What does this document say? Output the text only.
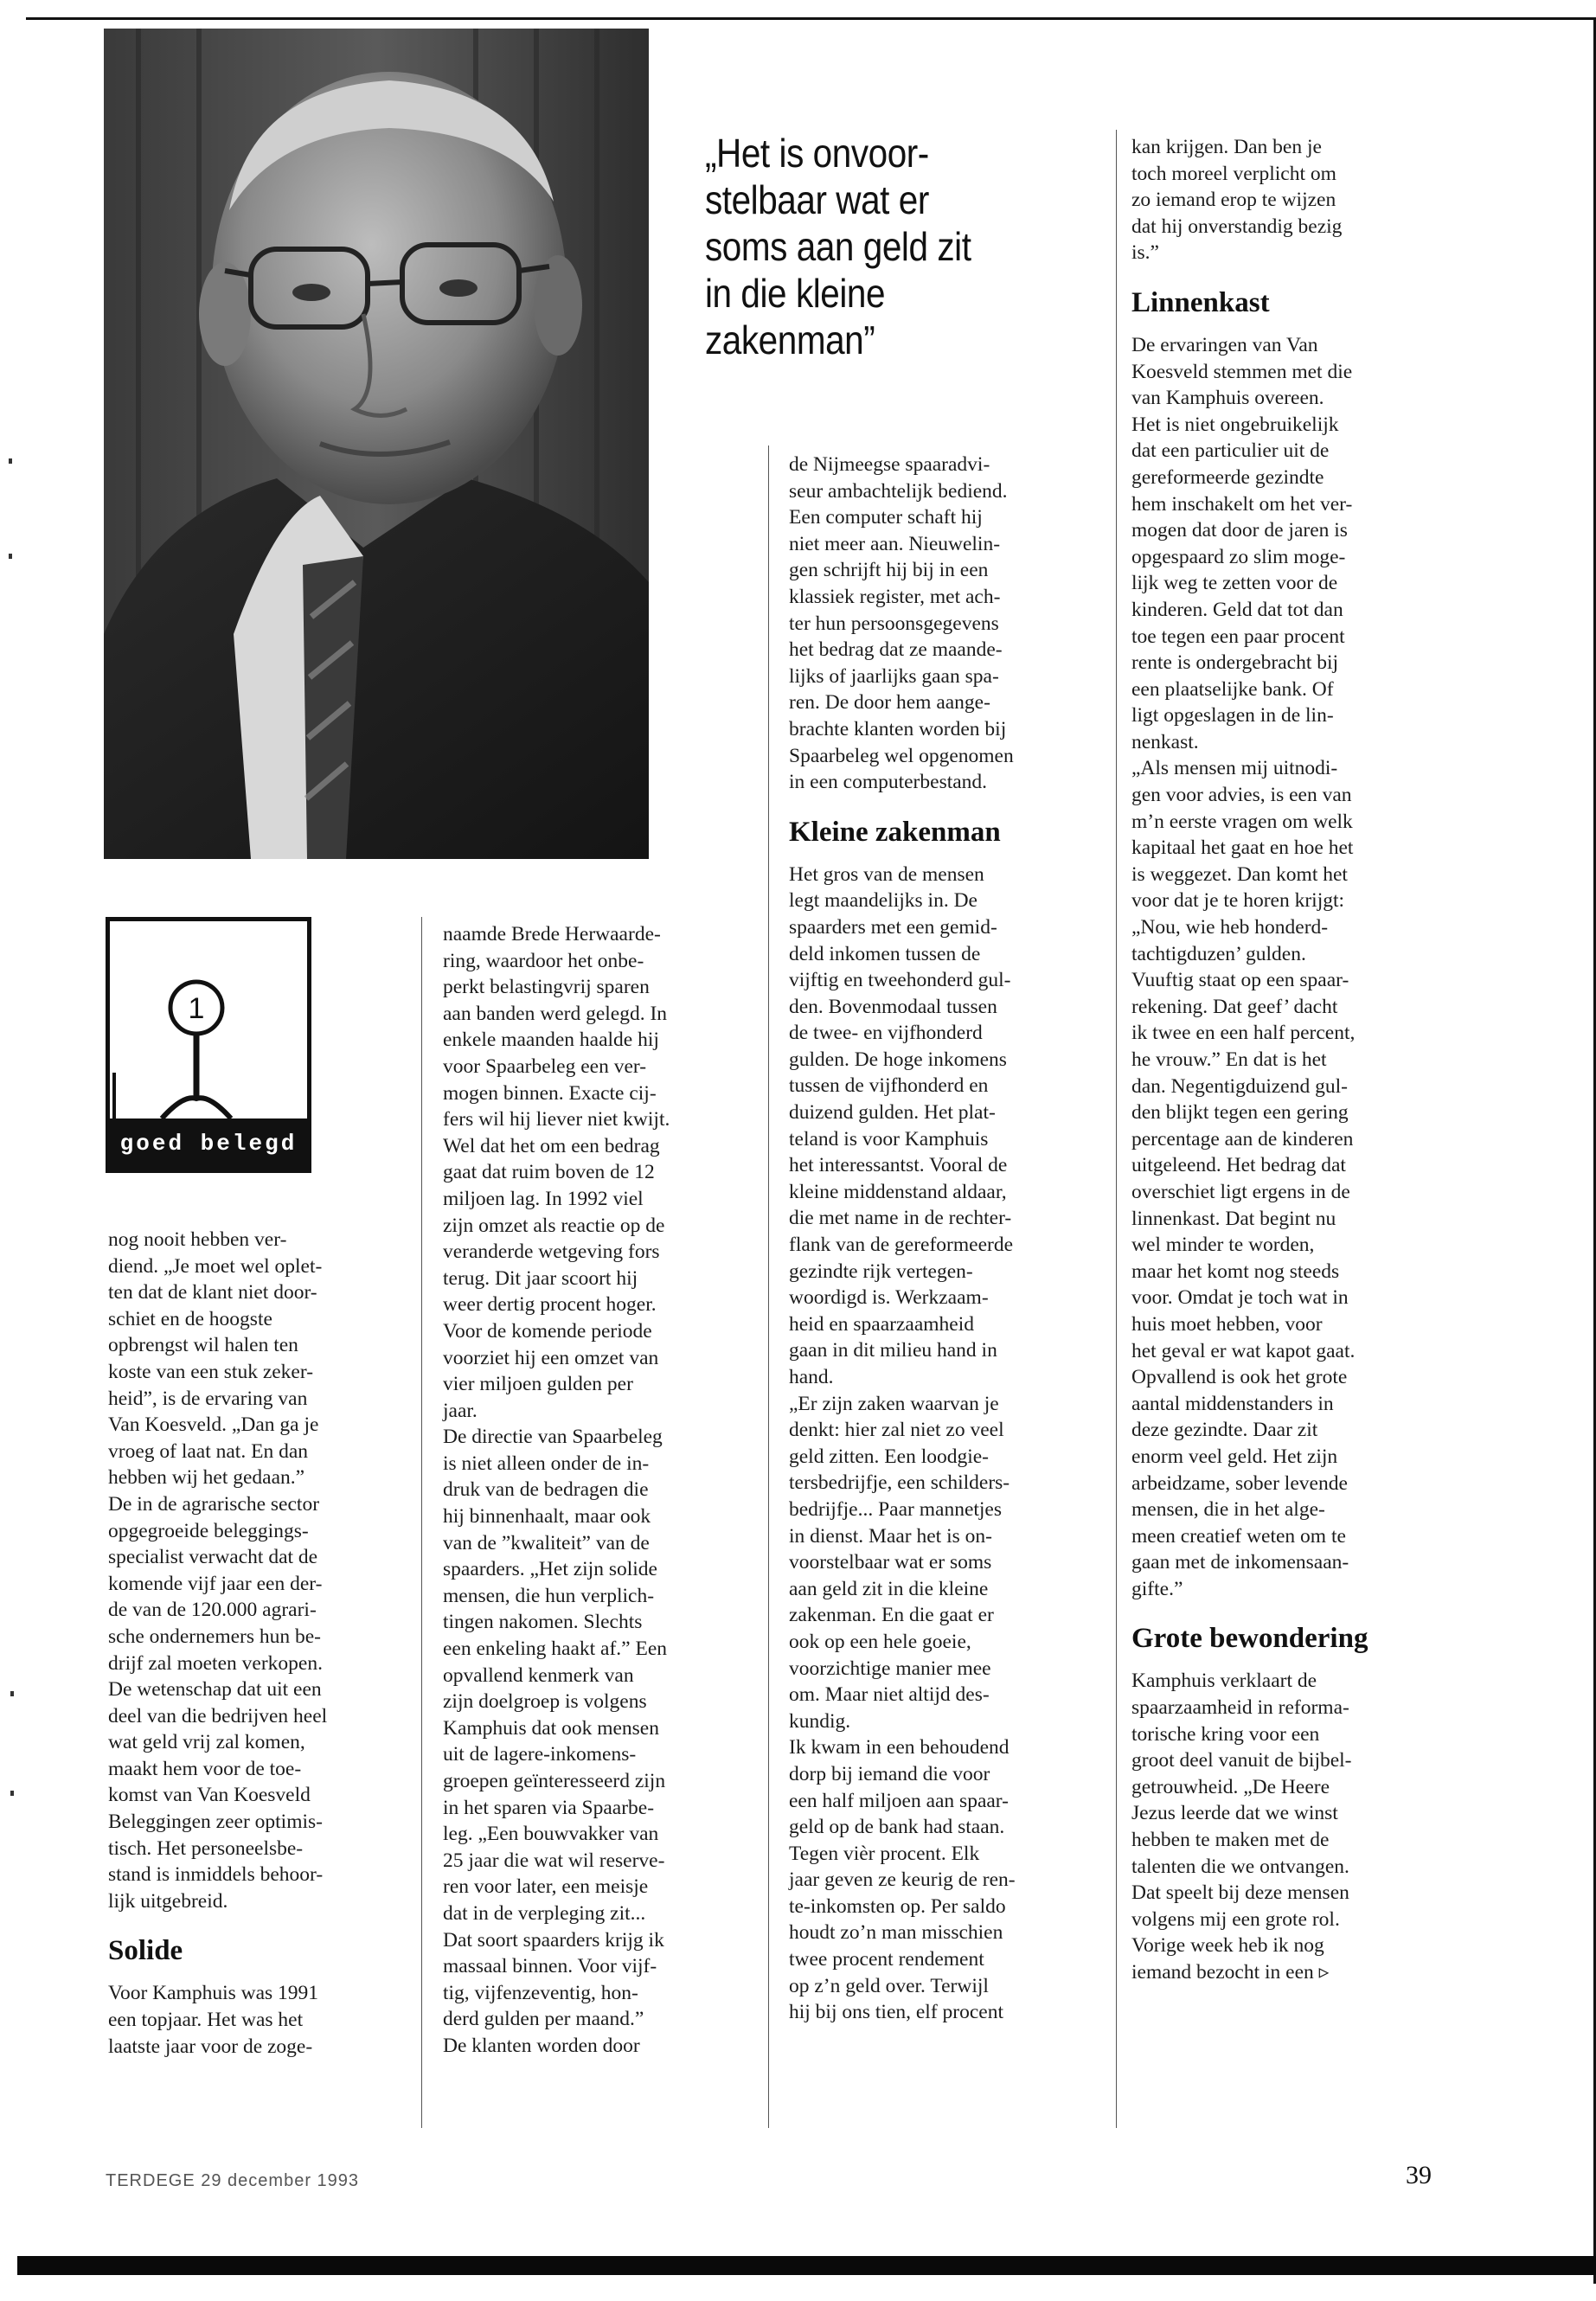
„Het is onvoor-
stelbaar wat er
soms aan geld zit
in die kleine
zakenman”
1
goed belegd

nog nooit hebben ver-
diend. „Je moet wel oplet-
ten dat de klant niet door-
schiet en de hoogste
opbrengst wil halen ten
koste van een stuk zeker-
heid”, is de ervaring van
Van Koesveld. „Dan ga je
vroeg of laat nat. En dan
hebben wij het gedaan.”
De in de agrarische sector
opgegroeide beleggings-
specialist verwacht dat de
komende vijf jaar een der-
de van de 120.000 agrari-
sche ondernemers hun be-
drijf zal moeten verkopen.
De wetenschap dat uit een
deel van die bedrijven heel
wat geld vrij zal komen,
maakt hem voor de toe-
komst van Van Koesveld
Beleggingen zeer optimis-
tisch. Het personeelsbe-
stand is inmiddels behoor-
lijk uitgebreid.

Solide

Voor Kamphuis was 1991
een topjaar. Het was het
laatste jaar voor de zoge-

naamde Brede Herwaarde-
ring, waardoor het onbe-
perkt belastingvrij sparen
aan banden werd gelegd. In
enkele maanden haalde hij
voor Spaarbeleg een ver-
mogen binnen. Exacte cij-
fers wil hij liever niet kwijt.
Wel dat het om een bedrag
gaat dat ruim boven de 12
miljoen lag. In 1992 viel
zijn omzet als reactie op de
veranderde wetgeving fors
terug. Dit jaar scoort hij
weer dertig procent hoger.
Voor de komende periode
voorziet hij een omzet van
vier miljoen gulden per
jaar.
De directie van Spaarbeleg
is niet alleen onder de in-
druk van de bedragen die
hij binnenhaalt, maar ook
van de ”kwaliteit” van de
spaarders. „Het zijn solide
mensen, die hun verplich-
tingen nakomen. Slechts
een enkeling haakt af.” Een
opvallend kenmerk van
zijn doelgroep is volgens
Kamphuis dat ook mensen
uit de lagere-inkomens-
groepen geïnteresseerd zijn
in het sparen via Spaarbe-
leg. „Een bouwvakker van
25 jaar die wat wil reserve-
ren voor later, een meisje
dat in de verpleging zit...
Dat soort spaarders krijg ik
massaal binnen. Voor vijf-
tig, vijfenzeventig, hon-
derd gulden per maand.”
De klanten worden door

de Nijmeegse spaaradvi-
seur ambachtelijk bediend.
Een computer schaft hij
niet meer aan. Nieuwelin-
gen schrijft hij bij in een
klassiek register, met ach-
ter hun persoonsgegevens
het bedrag dat ze maande-
lijks of jaarlijks gaan spa-
ren. De door hem aange-
brachte klanten worden bij
Spaarbeleg wel opgenomen
in een computerbestand.

Kleine zakenman

Het gros van de mensen
legt maandelijks in. De
spaarders met een gemid-
deld inkomen tussen de
vijftig en tweehonderd gul-
den. Bovenmodaal tussen
de twee- en vijfhonderd
gulden. De hoge inkomens
tussen de vijfhonderd en
duizend gulden. Het plat-
teland is voor Kamphuis
het interessantst. Vooral de
kleine middenstand aldaar,
die met name in de rechter-
flank van de gereformeerde
gezindte rijk vertegen-
woordigd is. Werkzaam-
heid en spaarzaamheid
gaan in dit milieu hand in
hand.
„Er zijn zaken waarvan je
denkt: hier zal niet zo veel
geld zitten. Een loodgie-
tersbedrijfje, een schilders-
bedrijfje... Paar mannetjes
in dienst. Maar het is on-
voorstelbaar wat er soms
aan geld zit in die kleine
zakenman. En die gaat er
ook op een hele goeie,
voorzichtige manier mee
om. Maar niet altijd des-
kundig.
Ik kwam in een behoudend
dorp bij iemand die voor
een half miljoen aan spaar-
geld op de bank had staan.
Tegen vièr procent. Elk
jaar geven ze keurig de ren-
te-inkomsten op. Per saldo
houdt zo’n man misschien
twee procent rendement
op z’n geld over. Terwijl
hij bij ons tien, elf procent

kan krijgen. Dan ben je
toch moreel verplicht om
zo iemand erop te wijzen
dat hij onverstandig bezig
is.”

Linnenkast

De ervaringen van Van
Koesveld stemmen met die
van Kamphuis overeen.
Het is niet ongebruikelijk
dat een particulier uit de
gereformeerde gezindte
hem inschakelt om het ver-
mogen dat door de jaren is
opgespaard zo slim moge-
lijk weg te zetten voor de
kinderen. Geld dat tot dan
toe tegen een paar procent
rente is ondergebracht bij
een plaatselijke bank. Of
ligt opgeslagen in de lin-
nenkast.
„Als mensen mij uitnodi-
gen voor advies, is een van
m’n eerste vragen om welk
kapitaal het gaat en hoe het
is weggezet. Dan komt het
voor dat je te horen krijgt:
„Nou, wie heb honderd-
tachtigduzen’ gulden.
Vuuftig staat op een spaar-
rekening. Dat geef’ dacht
ik twee en een half percent,
he vrouw.” En dat is het
dan. Negentigduizend gul-
den blijkt tegen een gering
percentage aan de kinderen
uitgeleend. Het bedrag dat
overschiet ligt ergens in de
linnenkast. Dat begint nu
wel minder te worden,
maar het komt nog steeds
voor. Omdat je toch wat in
huis moet hebben, voor
het geval er wat kapot gaat.
Opvallend is ook het grote
aantal middenstanders in
deze gezindte. Daar zit
enorm veel geld. Het zijn
arbeidzame, sober levende
mensen, die in het alge-
meen creatief weten om te
gaan met de inkomensaan-
gifte.”

Grote bewondering

Kamphuis verklaart de
spaarzaamheid in reforma-
torische kring voor een
groot deel vanuit de bijbel-
getrouwheid. „De Heere
Jezus leerde dat we winst
hebben te maken met de
talenten die we ontvangen.
Dat speelt bij deze mensen
volgens mij een grote rol.
Vorige week heb ik nog
iemand bezocht in een ▹

TERDEGE 29 december 1993	39
